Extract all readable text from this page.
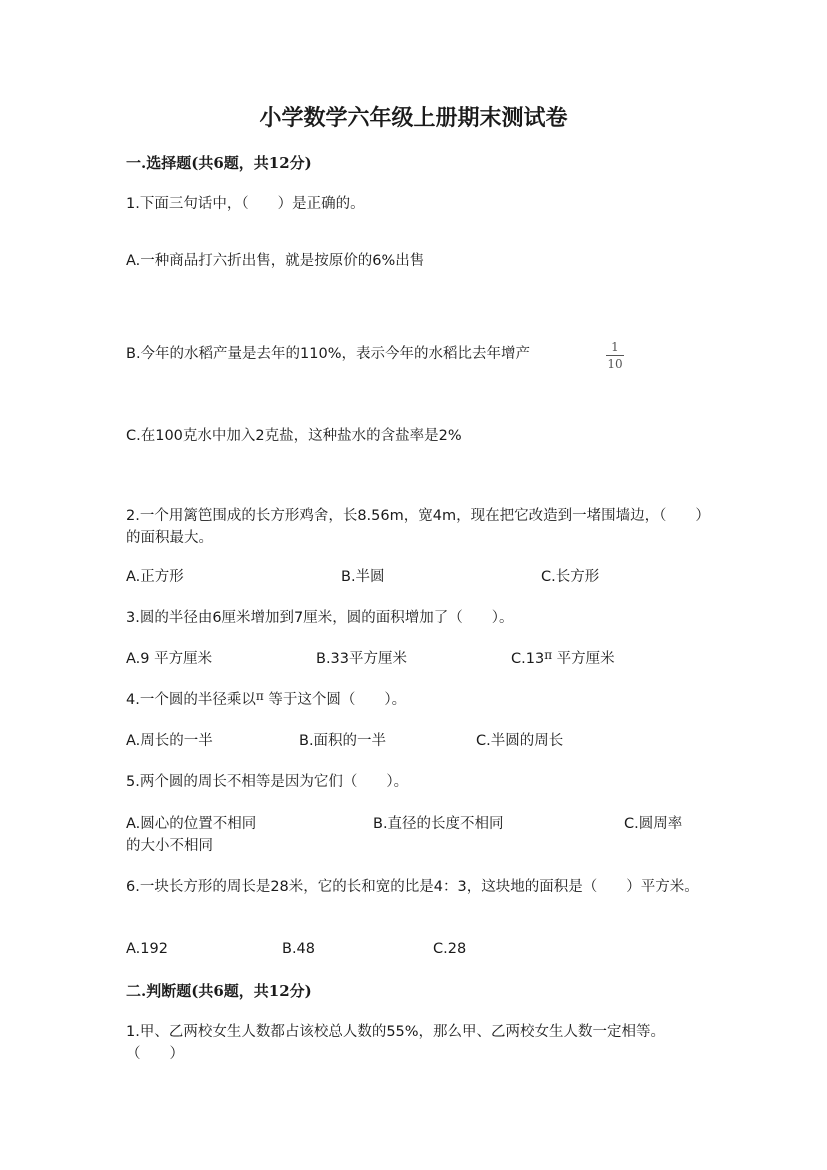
小学数学六年级上册期末测试卷
一.选择题(共6题，共12分)
1.下面三句话中，（　　）是正确的。
A.一种商品打六折出售，就是按原价的6%出售
B.今年的水稻产量是去年的110%，表示今年的水稻比去年增产	1
10
C.在100克水中加入2克盐，这种盐水的含盐率是2%
2.一个用篱笆围成的长方形鸡舍，长8.56m，宽4m，现在把它改造到一堵围墙边，（　　）的面积最大。
A.正方形	B.半圆	C.长方形
3.圆的半径由6厘米增加到7厘米，圆的面积增加了（　　）。
A.9 平方厘米	B.33平方厘米	$C.13^\pi$ 平方厘米
4.一个圆的半径乘以$^\pi$ 等于这个圆（　　）。
A.周长的一半	B.面积的一半	C.半圆的周长
5.两个圆的周长不相等是因为它们（　　）。
A.圆心的位置不相同	B.直径的长度不相同	C.圆周率
的大小不相同
6.一块长方形的周长是28米，它的长和宽的比是4：3，这块地的面积是（　　）平方米。
A.192	B.48	C.28
二.判断题(共6题，共12分)
1.甲、乙两校女生人数都占该校总人数的55%，那么甲、乙两校女生人数一定相等。（　　）
